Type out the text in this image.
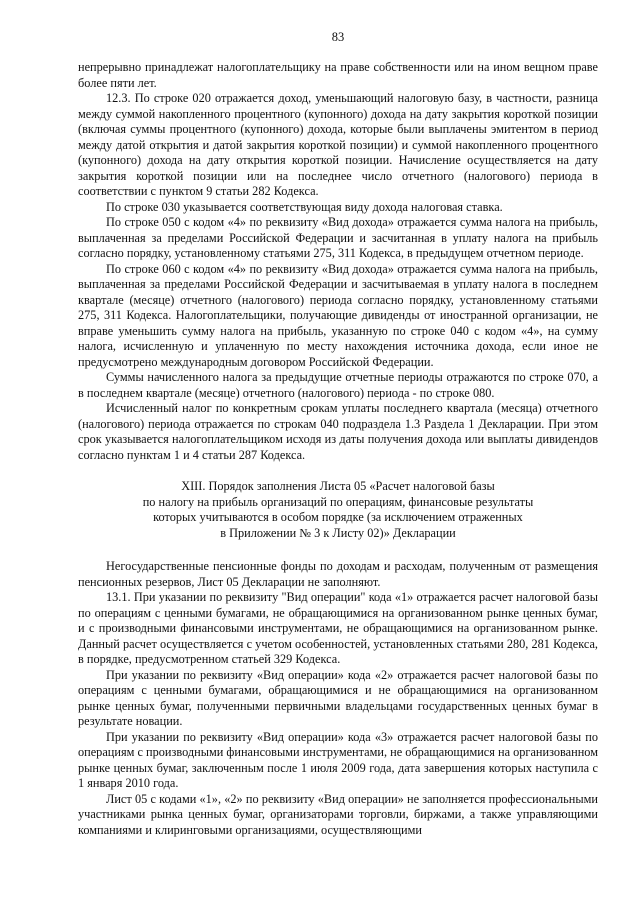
83

непрерывно принадлежат налогоплательщику на праве собственности или на ином вещном праве более пяти лет.

12.3. По строке 020 отражается доход, уменьшающий налоговую базу, в частности, разница между суммой накопленного процентного (купонного) дохода на дату закрытия короткой позиции (включая суммы процентного (купонного) дохода, которые были выплачены эмитентом в период между датой открытия и датой закрытия короткой позиции) и суммой накопленного процентного (купонного) дохода на дату открытия короткой позиции. Начисление осуществляется на дату закрытия короткой позиции или на последнее число отчетного (налогового) периода в соответствии с пунктом 9 статьи 282 Кодекса.

По строке 030 указывается соответствующая виду дохода налоговая ставка.

По строке 050 с кодом «4» по реквизиту «Вид дохода» отражается сумма налога на прибыль, выплаченная за пределами Российской Федерации и засчитанная в уплату налога на прибыль согласно порядку, установленному статьями 275, 311 Кодекса, в предыдущем отчетном периоде.

По строке 060 с кодом «4» по реквизиту «Вид дохода» отражается сумма налога на прибыль, выплаченная за пределами Российской Федерации и засчитываемая в уплату налога в последнем квартале (месяце) отчетного (налогового) периода согласно порядку, установленному статьями 275, 311 Кодекса. Налогоплательщики, получающие дивиденды от иностранной организации, не вправе уменьшить сумму налога на прибыль, указанную по строке 040 с кодом «4», на сумму налога, исчисленную и уплаченную по месту нахождения источника дохода, если иное не предусмотрено международным договором Российской Федерации.

Суммы начисленного налога за предыдущие отчетные периоды отражаются по строке 070, а в последнем квартале (месяце) отчетного (налогового) периода - по строке 080.

Исчисленный налог по конкретным срокам уплаты последнего квартала (месяца) отчетного (налогового) периода отражается по строкам 040 подраздела 1.3 Раздела 1 Декларации. При этом срок указывается налогоплательщиком исходя из даты получения дохода или выплаты дивидендов согласно пунктам 1 и 4 статьи 287 Кодекса.

XIII. Порядок заполнения Листа 05 «Расчет налоговой базы
по налогу на прибыль организаций по операциям, финансовые результаты
которых учитываются в особом порядке (за исключением отраженных
в Приложении № 3 к Листу 02)» Декларации

Негосударственные пенсионные фонды по доходам и расходам, полученным от размещения пенсионных резервов, Лист 05 Декларации не заполняют.

13.1. При указании по реквизиту "Вид операции" кода «1» отражается расчет налоговой базы по операциям с ценными бумагами, не обращающимися на организованном рынке ценных бумаг, и с производными финансовыми инструментами, не обращающимися на организованном рынке. Данный расчет осуществляется с учетом особенностей, установленных статьями 280, 281 Кодекса, в порядке, предусмотренном статьей 329 Кодекса.

При указании по реквизиту «Вид операции» кода «2» отражается расчет налоговой базы по операциям с ценными бумагами, обращающимися и не обращающимися на организованном рынке ценных бумаг, полученными первичными владельцами государственных ценных бумаг в результате новации.

При указании по реквизиту «Вид операции» кода «3» отражается расчет налоговой базы по операциям с производными финансовыми инструментами, не обращающимися на организованном рынке ценных бумаг, заключенным после 1 июля 2009 года, дата завершения которых наступила с 1 января 2010 года.

Лист 05 с кодами «1», «2» по реквизиту «Вид операции» не заполняется профессиональными участниками рынка ценных бумаг, организаторами торговли, биржами, а также управляющими компаниями и клиринговыми организациями, осуществляющими
